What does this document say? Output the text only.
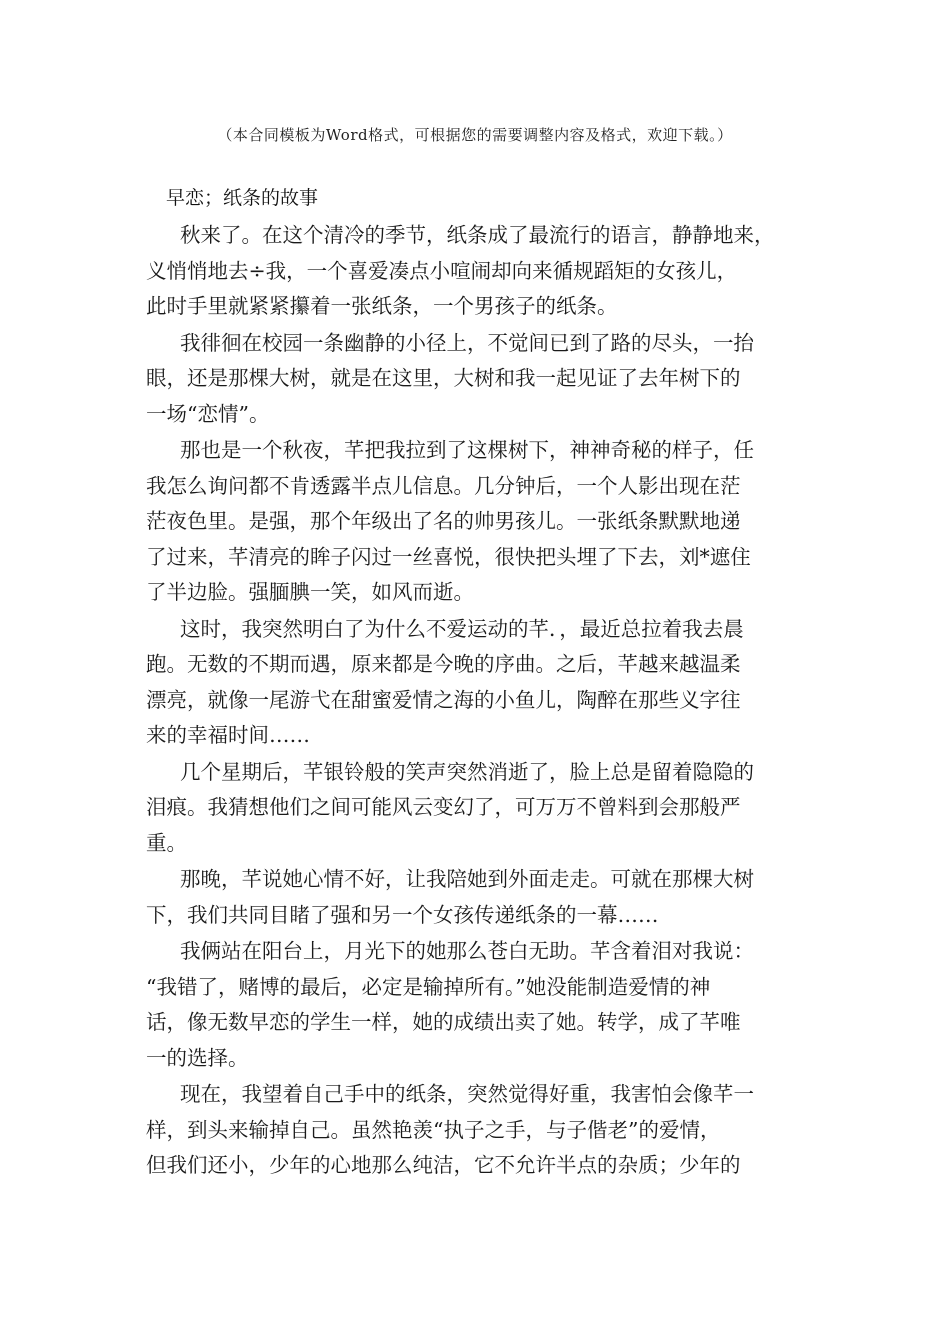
（本合同模板为Word格式，可根据您的需要调整内容及格式，欢迎下载。）
早恋；纸条的故事

秋来了。在这个清冷的季节，纸条成了最流行的语言，静静地来，
义悄悄地去÷我，一个喜爱凑点小喧闹却向来循规蹈矩的女孩儿，
此时手里就紧紧攥着一张纸条，一个男孩子的纸条。

我徘徊在校园一条幽静的小径上，不觉间已到了路的尽头，一抬
眼，还是那棵大树，就是在这里，大树和我一起见证了去年树下的
一场“恋情”。

那也是一个秋夜，芊把我拉到了这棵树下，神神奇秘的样子，任
我怎么询问都不肯透露半点儿信息。几分钟后，一个人影出现在茫
茫夜色里。是强，那个年级出了名的帅男孩儿。一张纸条默默地递
了过来，芊清亮的眸子闪过一丝喜悦，很快把头埋了下去，刘*遮住
了半边脸。强腼腆一笑，如风而逝。

这时，我突然明白了为什么不爱运动的芊．，最近总拉着我去晨
跑。无数的不期而遇，原来都是今晚的序曲。之后，芊越来越温柔
漂亮，就像一尾游弋在甜蜜爱情之海的小鱼儿，陶醉在那些义字往
来的幸福时间……

几个星期后，芊银铃般的笑声突然消逝了，脸上总是留着隐隐的
泪痕。我猜想他们之间可能风云变幻了，可万万不曾料到会那般严
重。

那晚，芊说她心情不好，让我陪她到外面走走。可就在那棵大树
下，我们共同目睹了强和另一个女孩传递纸条的一幕……

我俩站在阳台上，月光下的她那么苍白无助。芊含着泪对我说：
“我错了，赌博的最后，必定是输掉所有。”她没能制造爱情的神
话，像无数早恋的学生一样，她的成绩出卖了她。转学，成了芊唯
一的选择。

现在，我望着自己手中的纸条，突然觉得好重，我害怕会像芊一
样，到头来输掉自己。虽然艳羡“执子之手，与子偕老”的爱情，
但我们还小，少年的心地那么纯洁，它不允许半点的杂质；少年的
